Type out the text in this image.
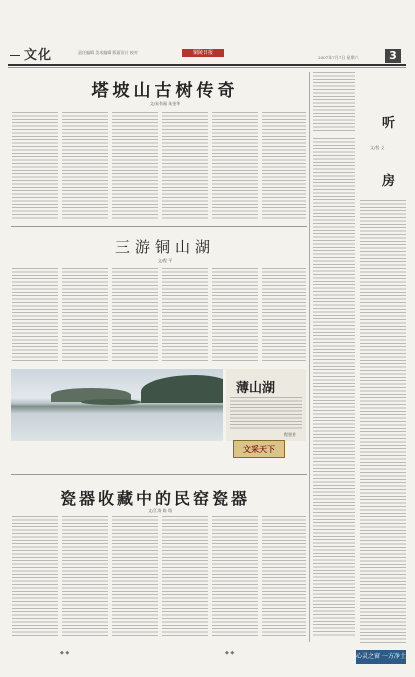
文化	责任编辑 美术编辑 版面设计 校对	铜陵日报
2007年7月7日 星期六	3
塔坡山古树传奇
文/朱有福 朱金华
三游铜山湖
文/程 平
薄山湖
程坚芳
文采天下
瓷器收藏中的民窑瓷器
文/江涛 陈 翔
听
文/程 义
房
◆ ◆	◆ ◆	心灵之窗 一方净土
